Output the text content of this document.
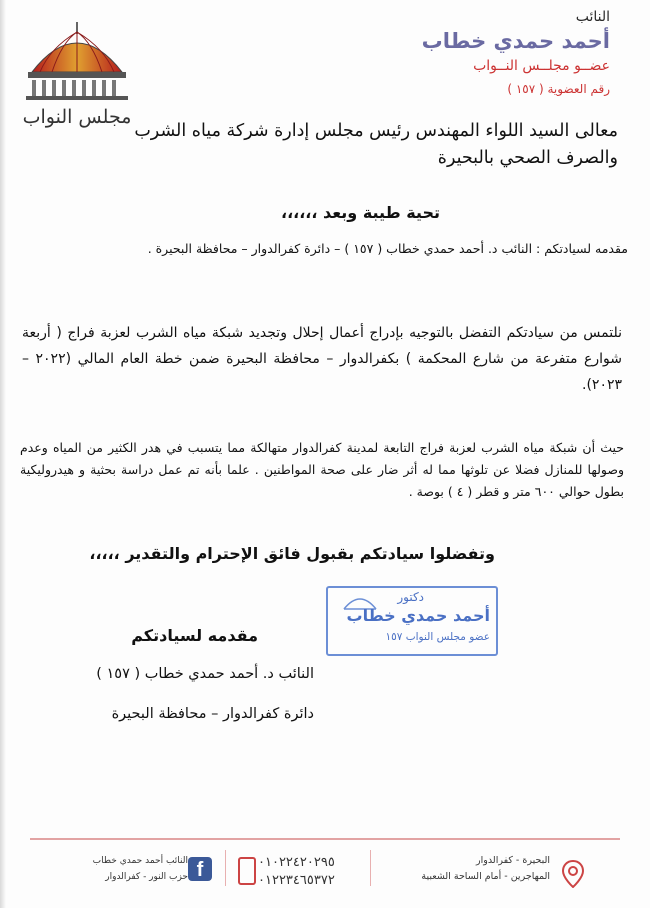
مجلس النواب
النائب
أحمد حمدي خطاب
عضــو مجلــس النــواب
رقم العضوية ( ١٥٧ )
معالى السيد اللواء المهندس رئيس مجلس إدارة شركة مياه الشرب
والصرف الصحي بالبحيرة
تحية طيبة وبعد ،،،،،،
مقدمه لسيادتكم : النائب د. أحمد حمدي خطاب ( ١٥٧ ) – دائرة كفرالدوار – محافظة البحيرة .
نلتمس من سيادتكم التفضل بالتوجيه بإدراج أعمال إحلال وتجديد شبكة مياه الشرب لعزبة فراج ( أربعة شوارع متفرعة من شارع المحكمة ) بكفرالدوار – محافظة البحيرة ضمن خطة العام المالي (٢٠٢٢ – ٢٠٢٣).
حيث أن شبكة مياه الشرب لعزبة فراج التابعة لمدينة كفرالدوار متهالكة مما يتسبب في هدر الكثير من المياه وعدم وصولها للمنازل فضلا عن تلوثها مما له أثر ضار على صحة المواطنين . علما بأنه تم عمل دراسة بحثية و هيدروليكية بطول حوالي ٦٠٠ متر و قطر ( ٤ ) بوصة .
وتفضلوا سيادتكم بقبول فائق الإحترام والتقدير ،،،،،
دكتور
أحمد حمدي خطاب
عضو مجلس النواب ١٥٧
مقدمه لسيادتكم
النائب د. أحمد حمدي خطاب ( ١٥٧ )
دائرة كفرالدوار – محافظة البحيرة
النائب أحمد حمدي خطاب
حزب النور - كفرالدوار f	٠١٠٢٢٤٢٠٢٩٥
٠١٢٢٣٤٦٥٣٧٢
البحيرة - كفرالدوار
المهاجرين - أمام الساحة الشعبية
